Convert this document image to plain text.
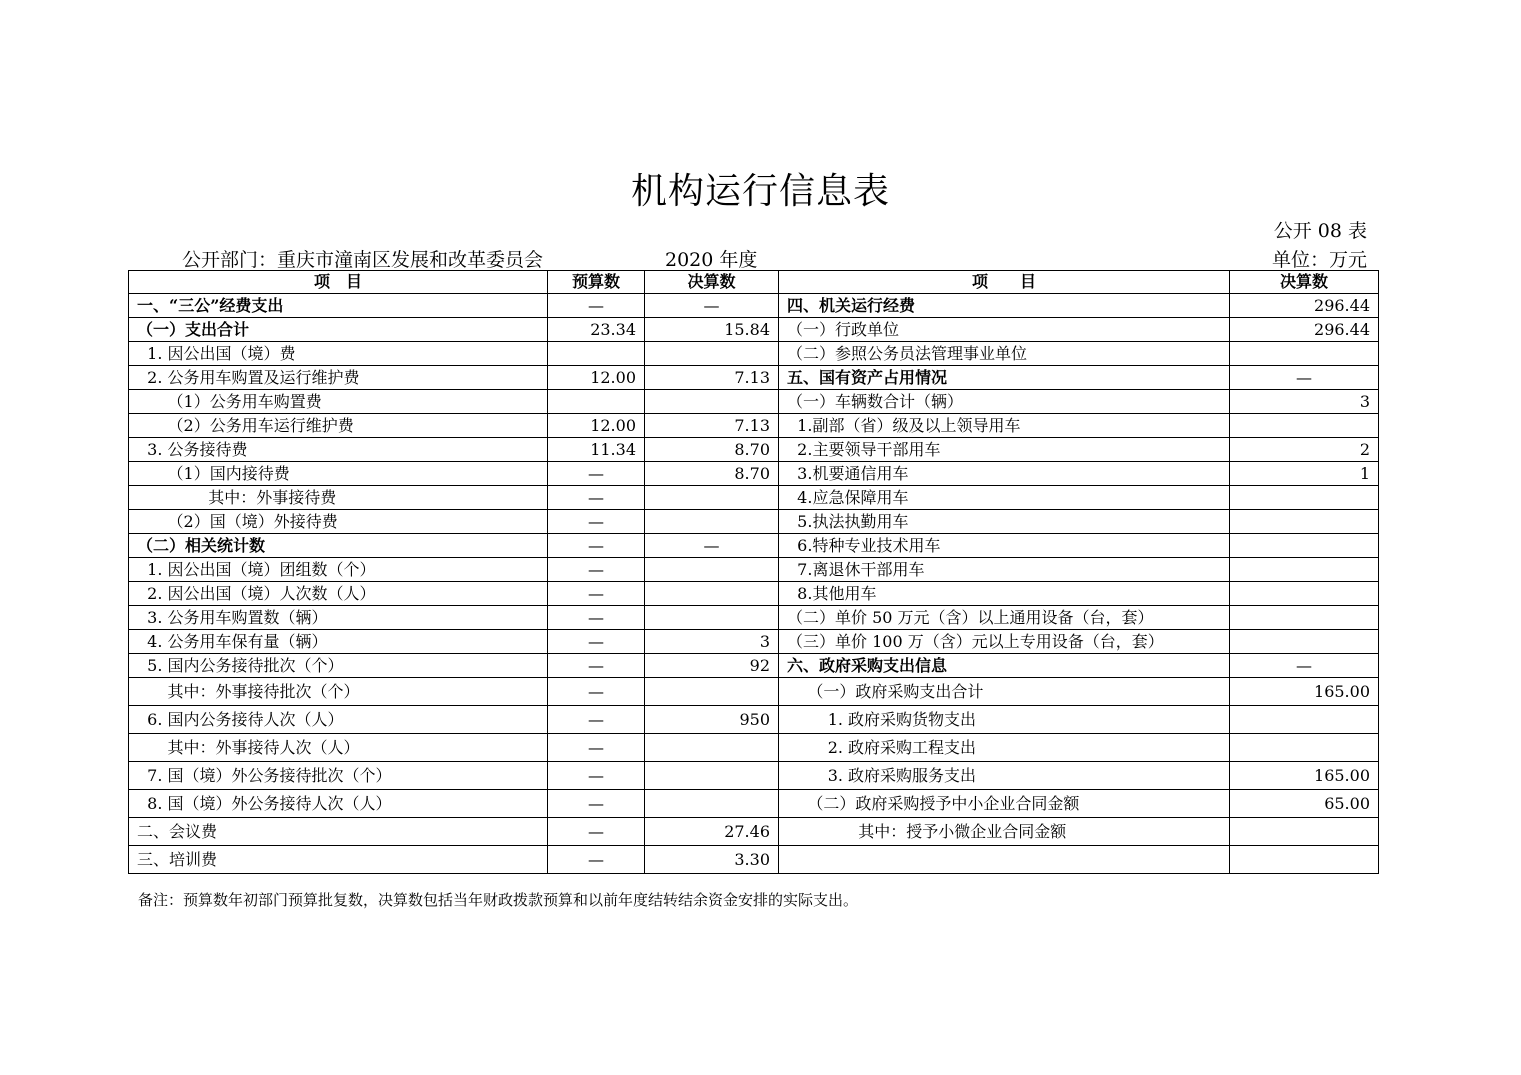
机构运行信息表
公开 08 表
公开部门：重庆市潼南区发展和改革委员会	2020 年度	单位：万元
项　目	预算数	决算数	项　　目	决算数
一、“三公”经费支出	—	—	四、机关运行经费	296.44
（一）支出合计	23.34	15.84	（一）行政单位	296.44
1. 因公出国（境）费			（二）参照公务员法管理事业单位	
2. 公务用车购置及运行维护费	12.00	7.13	五、国有资产占用情况	—
（1）公务用车购置费			（一）车辆数合计（辆）	3
（2）公务用车运行维护费	12.00	7.13	1.副部（省）级及以上领导用车	
3. 公务接待费	11.34	8.70	2.主要领导干部用车	2
（1）国内接待费	—	8.70	3.机要通信用车	1
其中：外事接待费	—		4.应急保障用车	
（2）国（境）外接待费	—		5.执法执勤用车	
（二）相关统计数	—	—	6.特种专业技术用车	
1. 因公出国（境）团组数（个）	—		7.离退休干部用车	
2. 因公出国（境）人次数（人）	—		8.其他用车	
3. 公务用车购置数（辆）	—		（二）单价 50 万元（含）以上通用设备（台，套）	
4. 公务用车保有量（辆）	—	3	（三）单价 100 万（含）元以上专用设备（台，套）	
5. 国内公务接待批次（个）	—	92	六、政府采购支出信息	—
其中：外事接待批次（个）	—		（一）政府采购支出合计	165.00
6. 国内公务接待人次（人）	—	950	1. 政府采购货物支出	
其中：外事接待人次（人）	—		2. 政府采购工程支出	
7. 国（境）外公务接待批次（个）	—		3. 政府采购服务支出	165.00
8. 国（境）外公务接待人次（人）	—		（二）政府采购授予中小企业合同金额	65.00
二、会议费	—	27.46	其中：授予小微企业合同金额	
三、培训费	—	3.30		
备注：预算数年初部门预算批复数，决算数包括当年财政拨款预算和以前年度结转结余资金安排的实际支出。
